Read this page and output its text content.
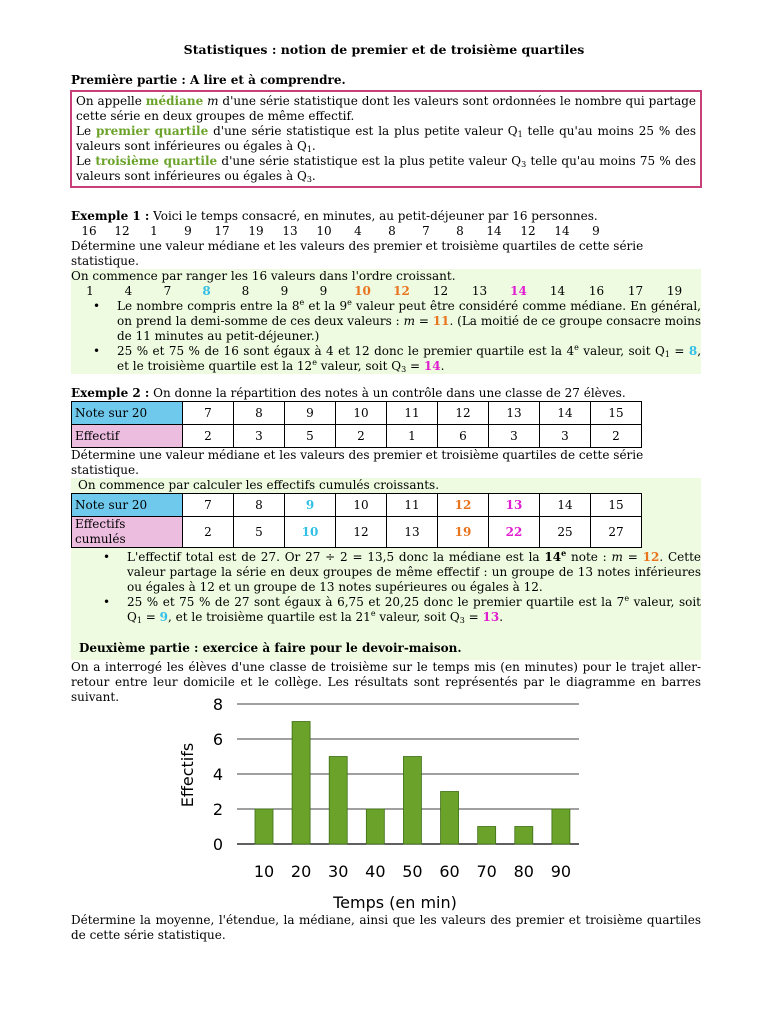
Statistiques : notion de premier et de troisième quartiles
Première partie : A lire et à comprendre.
On appelle médiane m d'une série statistique dont les valeurs sont ordonnées le nombre qui partage cette série en deux groupes de même effectif.
Le premier quartile d'une série statistique est la plus petite valeur $Q_1$ telle qu'au moins 25 % des valeurs sont inférieures ou égales à $Q_1$.
Le troisième quartile d'une série statistique est la plus petite valeur $Q_3$ telle qu'au moins 75 % des valeurs sont inférieures ou égales à $Q_3$.
Exemple 1 : Voici le temps consacré, en minutes, au petit-déjeuner par 16 personnes.
16	12	1	9	17	19	13	10	4	8	7	8	14	12	14	9
Détermine une valeur médiane et les valeurs des premier et troisième quartiles de cette série statistique.
On commence par ranger les 16 valeurs dans l'ordre croissant.
1	4	7	8	8	9	9	10	12	12	13	14	14	16	17	19
• Le nombre compris entre la 8e et la 9e valeur peut être considéré comme médiane. En général, on prend la demi-somme de ces deux valeurs : m = 11. (La moitié de ce groupe consacre moins de 11 minutes au petit-déjeuner.)
• 25 % et 75 % de 16 sont égaux à 4 et 12 donc le premier quartile est la 4e valeur, soit $Q_1 = 8$, et le troisième quartile est la 12e valeur, soit $Q_3 = 14$.
Exemple 2 : On donne la répartition des notes à un contrôle dans une classe de 27 élèves.
Note sur 20	7	8	9	10	11	12	13	14	15
Effectif	2	3	5	2	1	6	3	3	2
Détermine une valeur médiane et les valeurs des premier et troisième quartiles de cette série statistique.
On commence par calculer les effectifs cumulés croissants.
Note sur 20	7	8	9	10	11	12	13	14	15
Effectifs cumulés	2	5	10	12	13	19	22	25	27
• L'effectif total est de 27. Or 27 ÷ 2 = 13,5 donc la médiane est la 14e note : m = 12. Cette valeur partage la série en deux groupes de même effectif : un groupe de 13 notes inférieures ou égales à 12 et un groupe de 13 notes supérieures ou égales à 12.
• 25 % et 75 % de 27 sont égaux à 6,75 et 20,25 donc le premier quartile est la 7e valeur, soit $Q_1 = 9$, et le troisième quartile est la 21e valeur, soit $Q_3 = 13$.
Deuxième partie : exercice à faire pour le devoir-maison.
On a interrogé les élèves d'une classe de troisième sur le temps mis (en minutes) pour le trajet aller-retour entre leur domicile et le collège. Les résultats sont représentés par le diagramme en barres suivant.
10 20 30 40 50 60 70 80 90
0
2
4
6
8
Temps (en min)
Effectifs
Détermine la moyenne, l'étendue, la médiane, ainsi que les valeurs des premier et troisième quartiles de cette série statistique.
